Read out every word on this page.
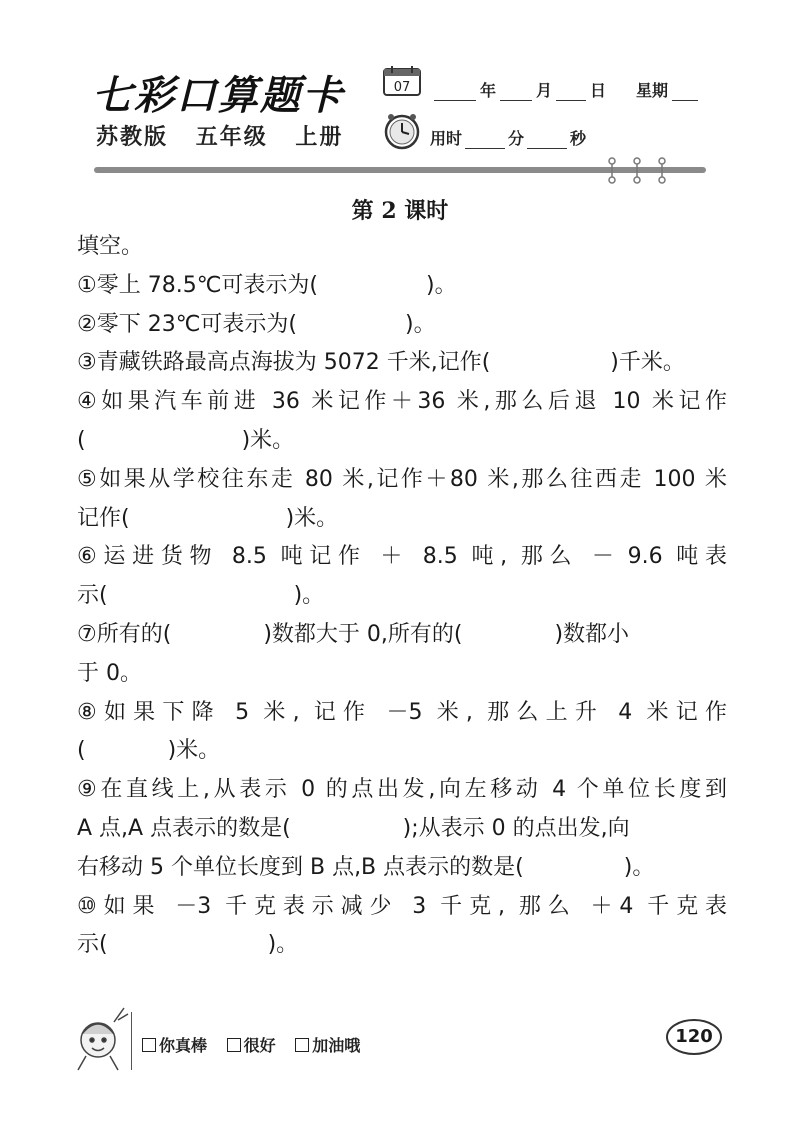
七彩口算题卡
苏教版 五年级 上册
07	年	月 日 星期
用时	分	秒
第 2 课时
填空。
①零上 78.5℃可表示为(	)。
②零下 23℃可表示为(	)。
③青藏铁路最高点海拔为 5072 千米,记作(	)千米。
④如果汽车前进 36 米记作＋36 米,那么后退 10 米记作
(	)米。
⑤如果从学校往东走 80 米,记作＋80 米,那么往西走 100 米
记作(	)米。
⑥运进货物 8.5 吨记作 ＋ 8.5 吨, 那么 － 9.6 吨表
示(	)。
⑦所有的(	)数都大于 0,所有的(	)数都小
于 0。
⑧如果下降 5 米, 记作 －5 米, 那么上升 4 米记作
(	)米。
⑨在直线上,从表示 0 的点出发,向左移动 4 个单位长度到
A 点,A 点表示的数是(	);从表示 0 的点出发,向
右移动 5 个单位长度到 B 点,B 点表示的数是(	)。
⑩如果 －3 千克表示减少 3 千克, 那么 ＋4 千克表
示(	)。
你真棒 很好 加油哦	120
